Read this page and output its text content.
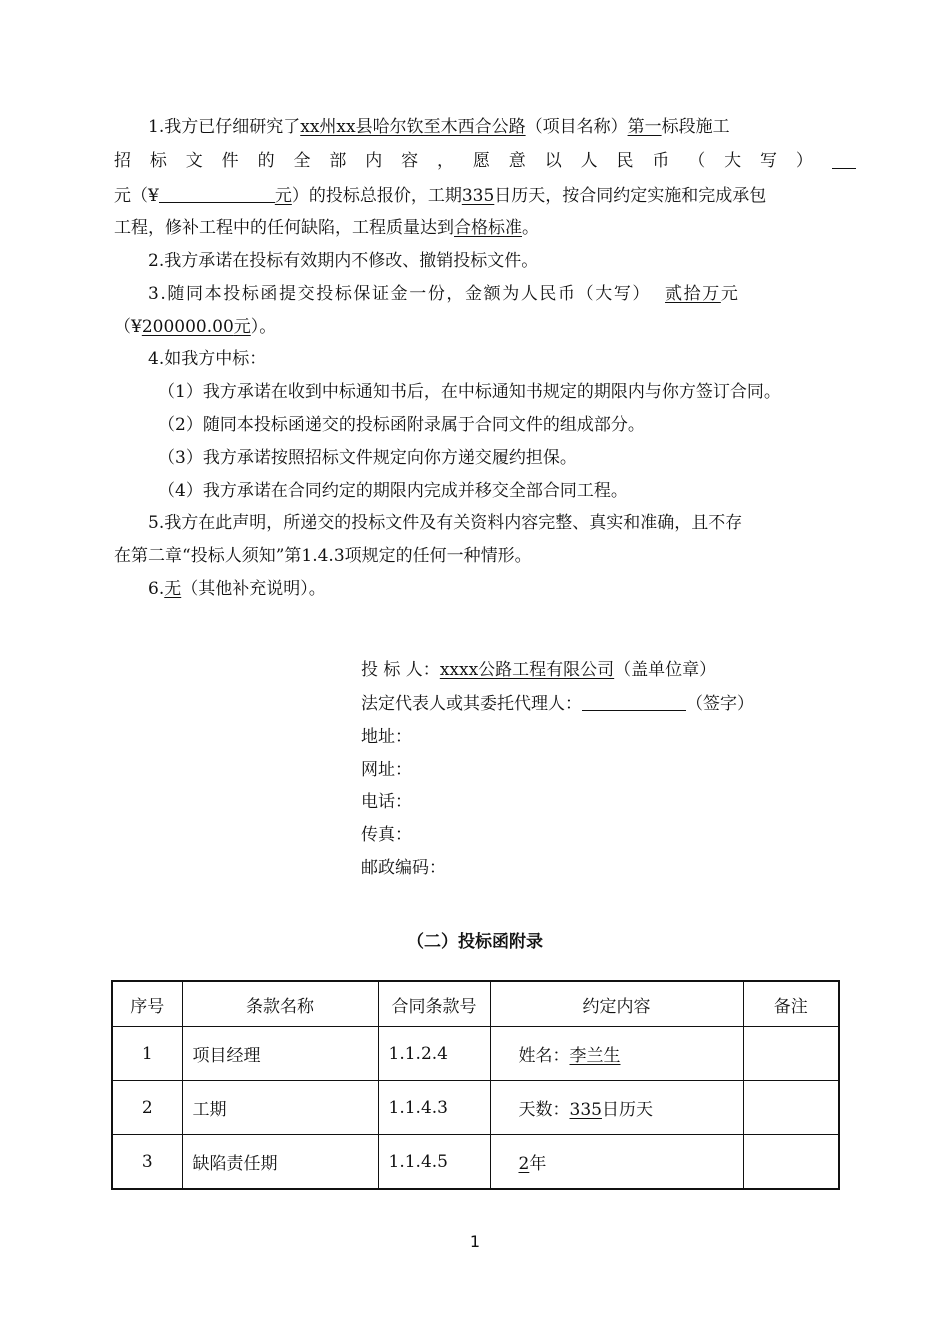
1.我方已仔细研究了xx州xx县哈尔钦至木西合公路（项目名称）第一标段施工
招 标 文 件 的 全 部 内 容 ， 愿 意 以 人 民 币 （ 大 写 ）
元（¥	元）的投标总报价，工期335日历天，按合同约定实施和完成承包
工程，修补工程中的任何缺陷，工程质量达到合格标准。
2.我方承诺在投标有效期内不修改、撤销投标文件。
3.随同本投标函提交投标保证金一份，金额为人民币（大写） 贰拾万元
（¥200000.00元）。
4.如我方中标：
（1）我方承诺在收到中标通知书后，在中标通知书规定的期限内与你方签订合同。
（2）随同本投标函递交的投标函附录属于合同文件的组成部分。
（3）我方承诺按照招标文件规定向你方递交履约担保。
（4）我方承诺在合同约定的期限内完成并移交全部合同工程。
5.我方在此声明，所递交的投标文件及有关资料内容完整、真实和准确，且不存
在第二章“投标人须知”第1.4.3项规定的任何一种情形。
6.无（其他补充说明）。
投 标 人：xxxx公路工程有限公司（盖单位章）
法定代表人或其委托代理人：	（签字）
地址：
网址：
电话：
传真：
邮政编码：
（二）投标函附录
序号	条款名称	合同条款号	约定内容	备注
1	项目经理	1.1.2.4	姓名：李兰生	
2	工期	1.1.4.3	天数：335日历天	
3	缺陷责任期	1.1.4.5	2年	
1
